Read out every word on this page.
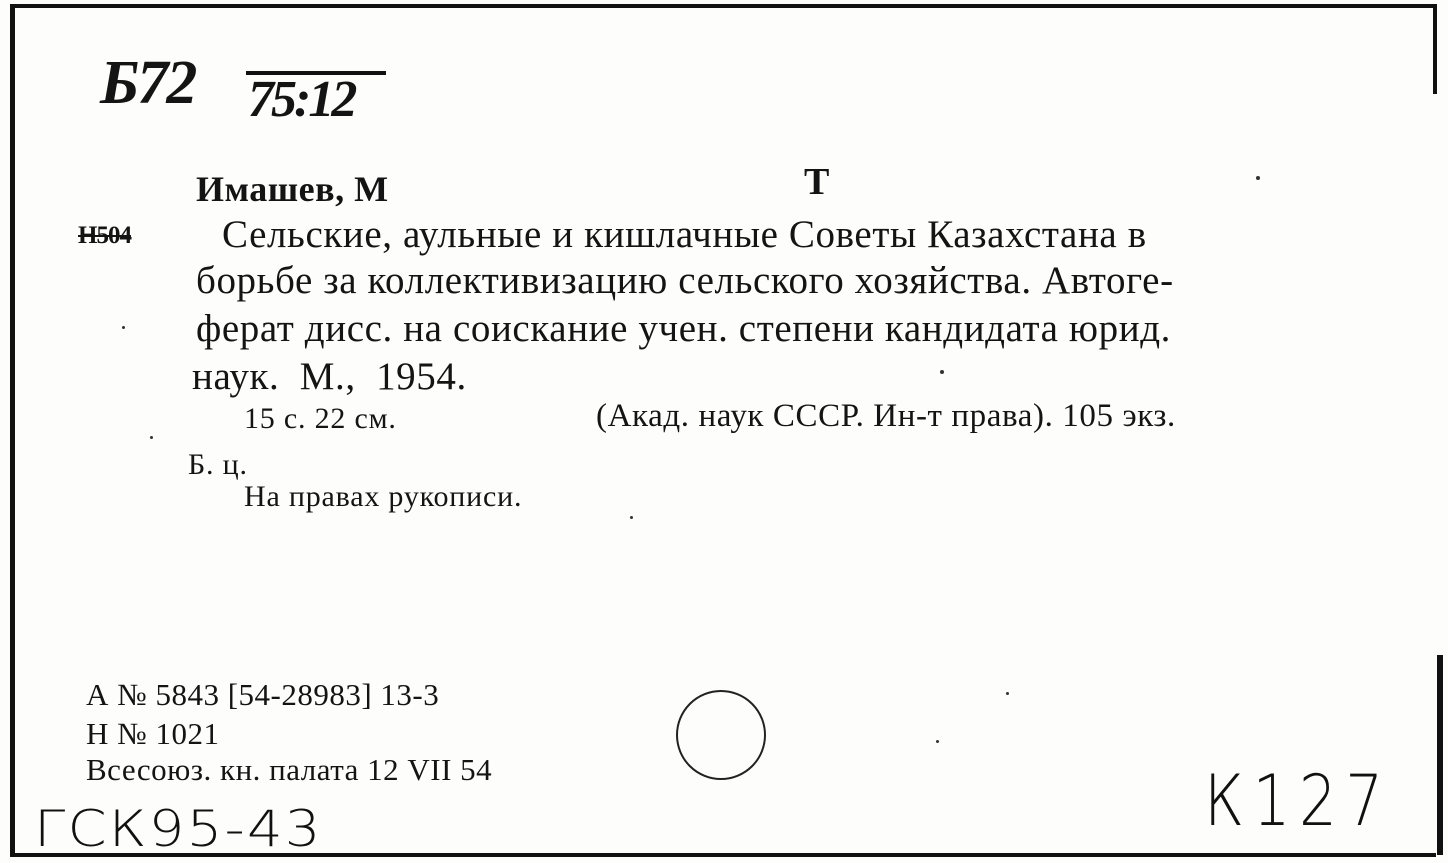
Б72 75:12
Имашев, М	Т
H504 Сельские, аульные и кишлачные Советы Казахстана в
борьбе за коллективизацию сельского хозяйства. Автоге-
ферат дисс. на соискание учен. степени кандидата юрид.
наук. М., 1954.
15 с. 22 см.	(Акад. наук СССР. Ин-т права). 105 экз.
Б. ц.
На правах рукописи.
А № 5843 [54-28983] 13-3
Н № 1021
Всесоюз. кн. палата 12 VII 54
ГСК95-43	К127
